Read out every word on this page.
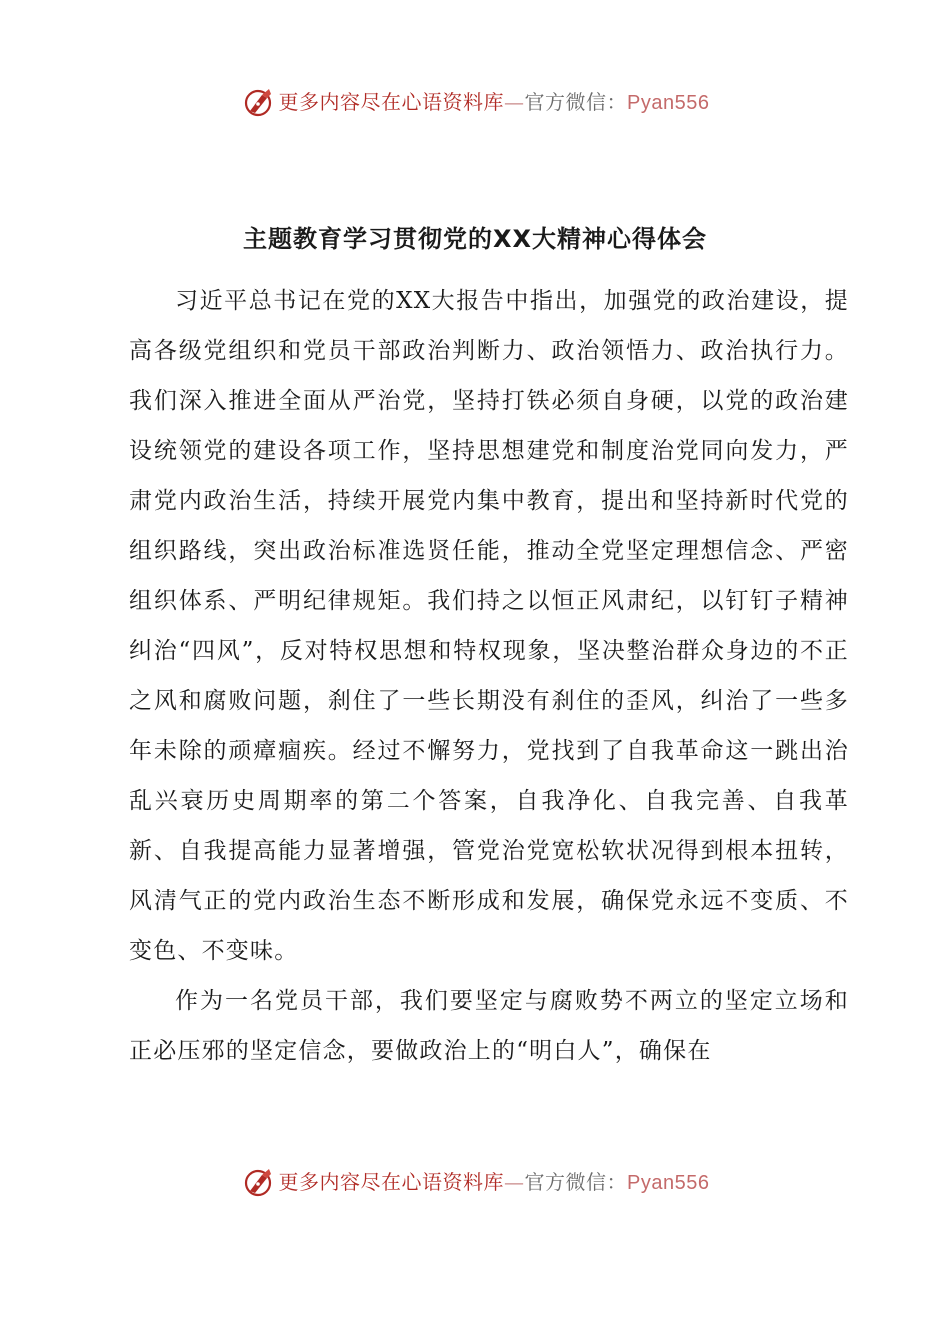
更多内容尽在心语资料库—官方微信：Pyan556
主题教育学习贯彻党的XX大精神心得体会

习近平总书记在党的XX大报告中指出，加强党的政治建设，提高各级党组织和党员干部政治判断力、政治领悟力、政治执行力。我们深入推进全面从严治党，坚持打铁必须自身硬，以党的政治建设统领党的建设各项工作，坚持思想建党和制度治党同向发力，严肃党内政治生活，持续开展党内集中教育，提出和坚持新时代党的组织路线，突出政治标准选贤任能，推动全党坚定理想信念、严密组织体系、严明纪律规矩。我们持之以恒正风肃纪，以钉钉子精神纠治“四风”，反对特权思想和特权现象，坚决整治群众身边的不正之风和腐败问题，刹住了一些长期没有刹住的歪风，纠治了一些多年未除的顽瘴痼疾。经过不懈努力，党找到了自我革命这一跳出治乱兴衰历史周期率的第二个答案，自我净化、自我完善、自我革新、自我提高能力显著增强，管党治党宽松软状况得到根本扭转，风清气正的党内政治生态不断形成和发展，确保党永远不变质、不变色、不变味。

作为一名党员干部，我们要坚定与腐败势不两立的坚定立场和正必压邪的坚定信念，要做政治上的“明白人”，确保在

更多内容尽在心语资料库—官方微信：Pyan556
